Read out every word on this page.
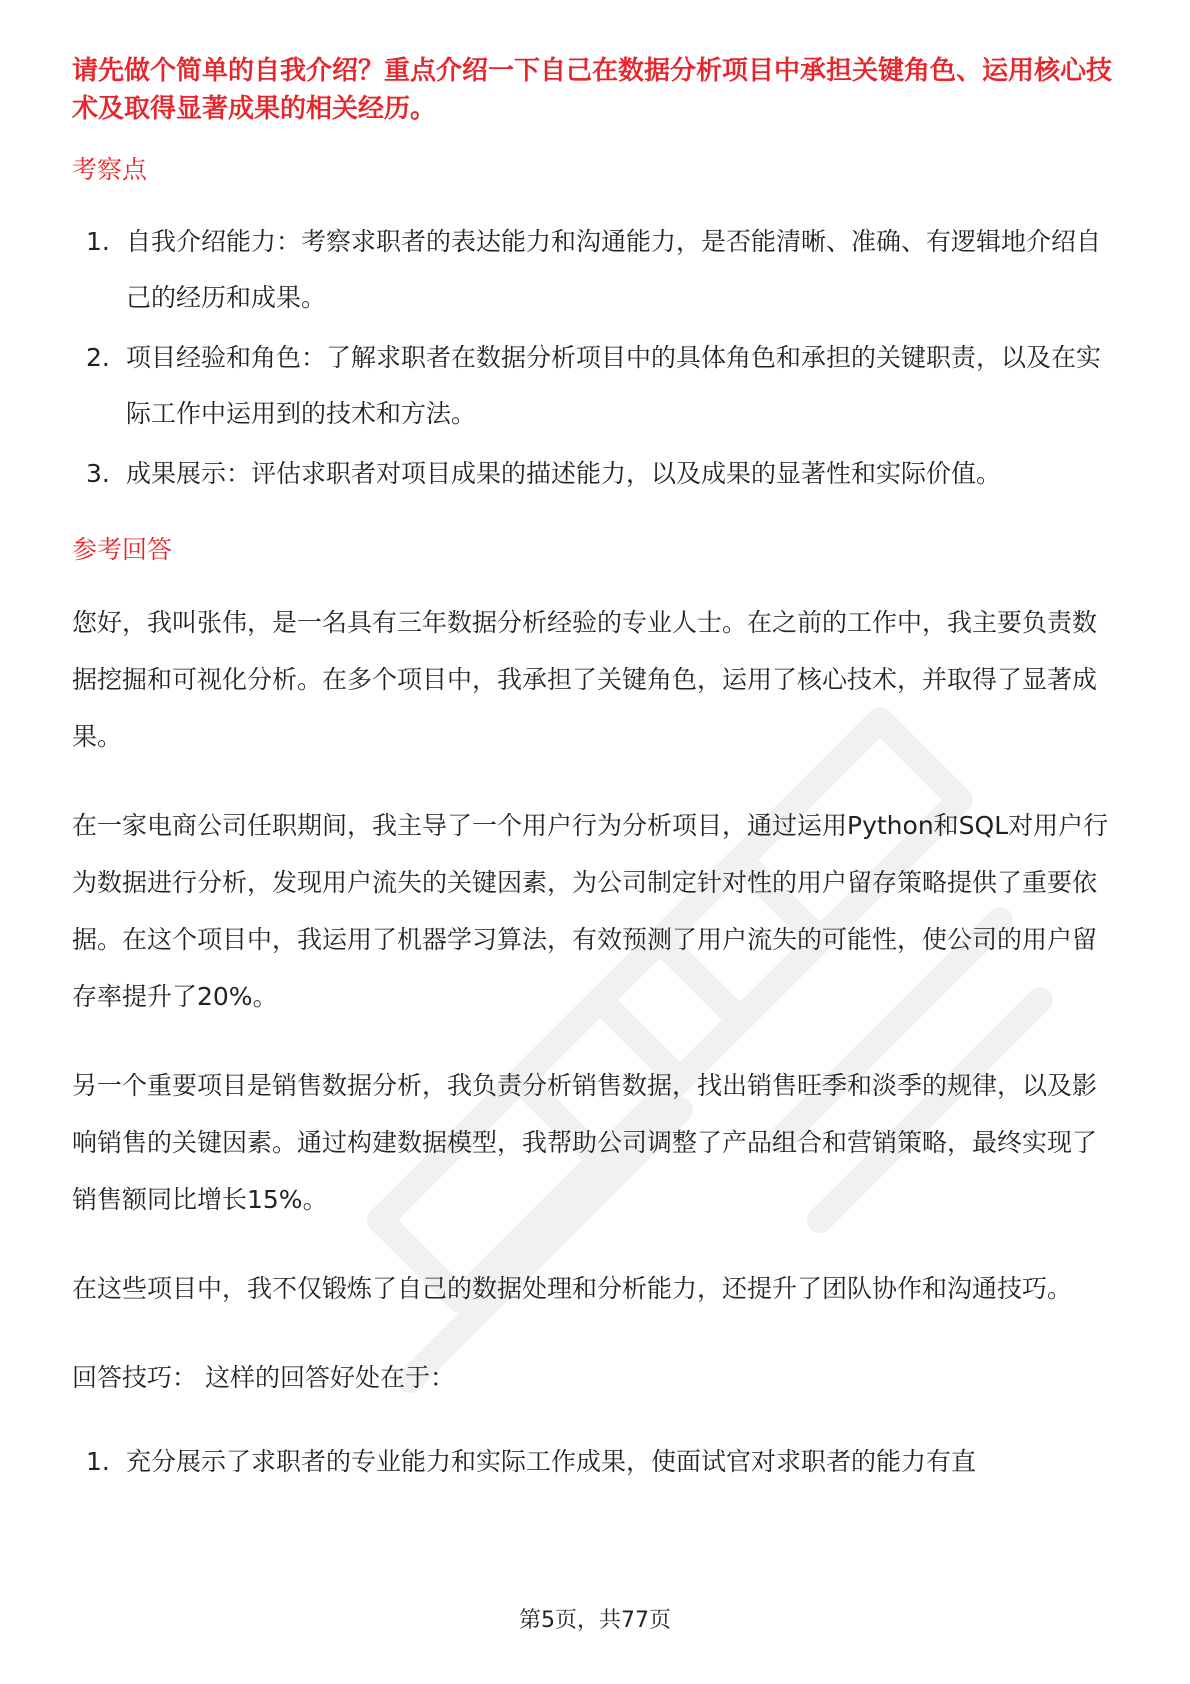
请先做个简单的自我介绍？重点介绍一下自己在数据分析项目中承担关键角色、运用核心技术及取得显著成果的相关经历。

考察点
1. 自我介绍能力：考察求职者的表达能力和沟通能力，是否能清晰、准确、有逻辑地介绍自己的经历和成果。
2. 项目经验和角色：了解求职者在数据分析项目中的具体角色和承担的关键职责，以及在实际工作中运用到的技术和方法。
3. 成果展示：评估求职者对项目成果的描述能力，以及成果的显著性和实际价值。
参考回答

您好，我叫张伟，是一名具有三年数据分析经验的专业人士。在之前的工作中，我主要负责数据挖掘和可视化分析。在多个项目中，我承担了关键角色，运用了核心技术，并取得了显著成果。

在一家电商公司任职期间，我主导了一个用户行为分析项目，通过运用Python和SQL对用户行为数据进行分析，发现用户流失的关键因素，为公司制定针对性的用户留存策略提供了重要依据。在这个项目中，我运用了机器学习算法，有效预测了用户流失的可能性，使公司的用户留存率提升了20%。

另一个重要项目是销售数据分析，我负责分析销售数据，找出销售旺季和淡季的规律，以及影响销售的关键因素。通过构建数据模型，我帮助公司调整了产品组合和营销策略，最终实现了销售额同比增长15%。

在这些项目中，我不仅锻炼了自己的数据处理和分析能力，还提升了团队协作和沟通技巧。

回答技巧： 这样的回答好处在于：

1. 充分展示了求职者的专业能力和实际工作成果，使面试官对求职者的能力有直
第5页，共77页
